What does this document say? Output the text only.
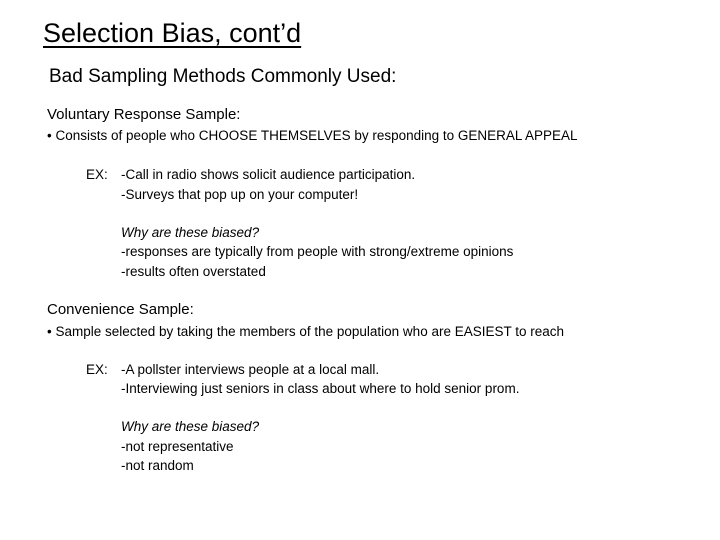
Selection Bias, cont’d
Bad Sampling Methods Commonly Used:
Voluntary Response Sample:
• Consists of people who CHOOSE THEMSELVES by responding to GENERAL APPEAL
EX: -Call in radio shows solicit audience participation.
-Surveys that pop up on your computer!
Why are these biased?
-responses are typically from people with strong/extreme opinions
-results often overstated
Convenience Sample:
• Sample selected by taking the members of the population who are EASIEST to reach
EX: -A pollster interviews people at a local mall.
-Interviewing just seniors in class about where to hold senior prom.
Why are these biased?
-not representative
-not random
